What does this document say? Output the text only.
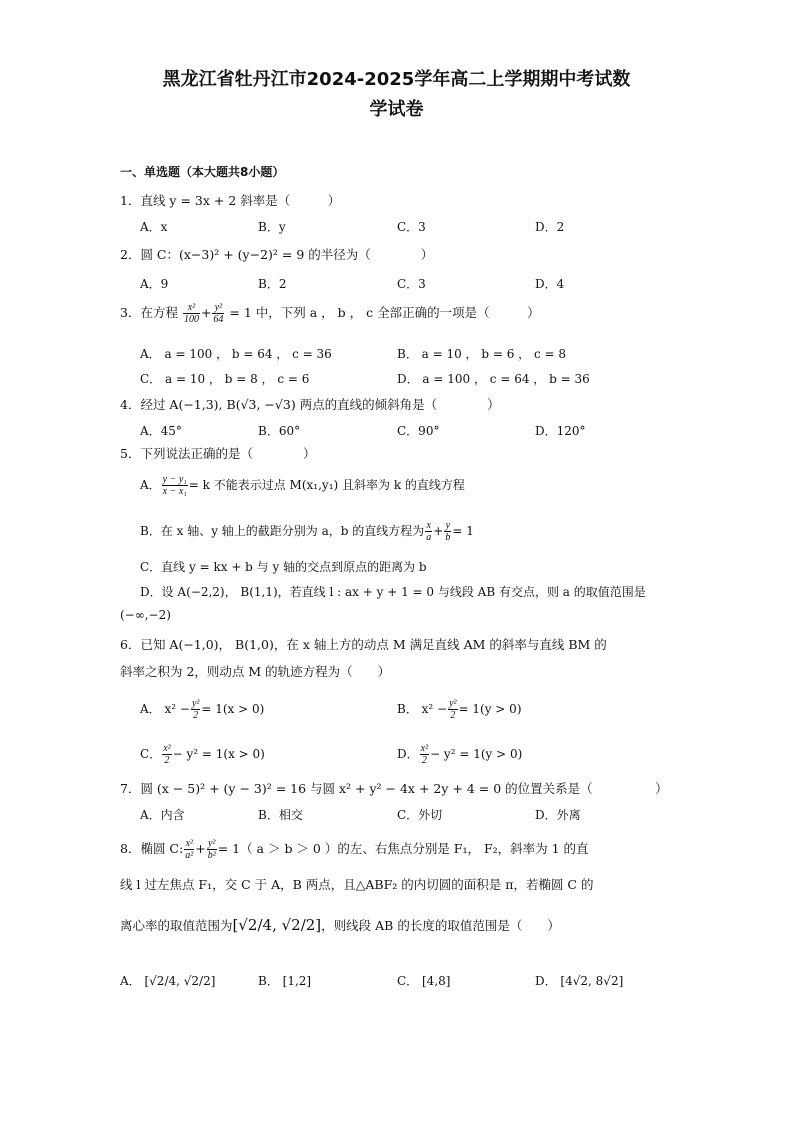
黑龙江省牡丹江市2024-2025学年高二上学期期中考试数
学试卷
一、单选题（本大题共8小题）
1．直线 y = 3x + 2 斜率是（　　　）
A．x	B．y	C．3	D．2
2．圆 C：(x−3)² + (y−2)² = 9 的半径为（　　　　）
A．9	B．2	C．3	D．4
3．在方程 $\frac{\text{x²}}{100} + \frac{\text{y²}}{64} = 1$ 中，下列 a ， b ， c 全部正确的一项是（　　　）
A． a = 100 ， b = 64 ， c = 36	B． a = 10 ， b = 6 ， c = 8
C． a = 10 ， b = 8 ， c = 6	D． a = 100 ， c = 64 ， b = 36
4．经过 A(−1,3), B(√3, −√3) 两点的直线的倾斜角是（　　　　）
A．45°	B．60°	C．90°	D．120°
5．下列说法正确的是（　　　　）
A． $\frac{\text{y − y₁}}{\text{x − x₁}} = k$ 不能表示过点 M(x₁,y₁) 且斜率为 k 的直线方程
B．在 x 轴、y 轴上的截距分别为 a，b 的直线方程为 $\frac{x}{a} + \frac{y}{b} = 1$
C．直线 y = kx + b 与 y 轴的交点到原点的距离为 b
D．设 A(−2,2)， B(1,1)，若直线 l : ax + y + 1 = 0 与线段 AB 有交点，则 a 的取值范围是
(−∞,−2)
6．已知 A(−1,0)， B(1,0)，在 x 轴上方的动点 M 满足直线 AM 的斜率与直线 BM 的
斜率之积为 2，则动点 M 的轨迹方程为（　　）
A． $x^2 - \frac{\text{y²}}{2} = 1(x > 0)$	B． $x^2 - \frac{\text{y²}}{2} = 1(y > 0)$
C． $\frac{\text{x²}}{2} - y^2 = 1(x > 0)$	D． $\frac{\text{x²}}{2} - y^2 = 1(y > 0)$
7．圆 (x − 5)² + (y − 3)² = 16 与圆 x² + y² − 4x + 2y + 4 = 0 的位置关系是（　　　　　）
A．内含	B．相交	C．外切	D．外离
8．椭圆 C: $\frac{\text{x²}}{\text{a²}} + \frac{\text{y²}}{\text{b²}} = 1$（ a ＞ b ＞ 0 ）的左、右焦点分别是 F₁， F₂，斜率为 1 的直
线 l 过左焦点 F₁，交 C 于 A，B 两点，且△ABF₂ 的内切圆的面积是 π，若椭圆 C 的
离心率的取值范围为[√2/4, √2/2]，则线段 AB 的长度的取值范围是（　　）
A． [√2/4, √2/2]	B． [1,2]	C． [4,8]	D． [4√2, 8√2]
